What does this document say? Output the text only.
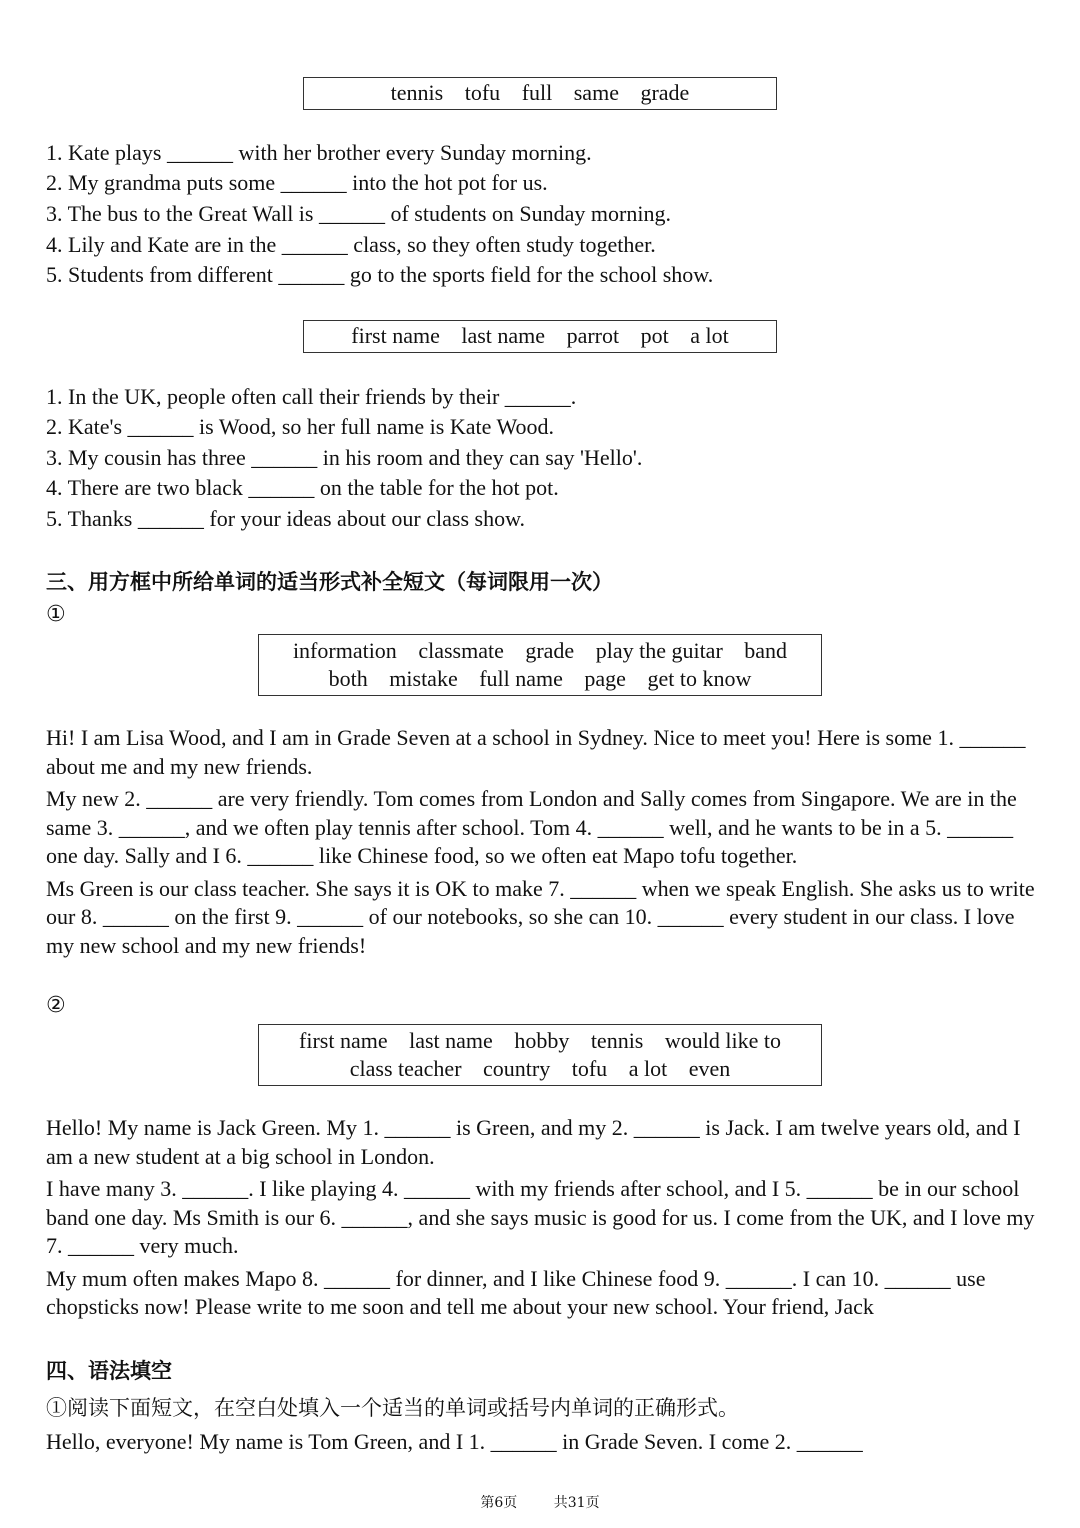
tennis tofu full same grade
1. Kate plays ______ with her brother every Sunday morning.
2. My grandma puts some ______ into the hot pot for us.
3. The bus to the Great Wall is ______ of students on Sunday morning.
4. Lily and Kate are in the ______ class, so they often study together.
5. Students from different ______ go to the sports field for the school show.
first name last name parrot pot a lot
1. In the UK, people often call their friends by their ______.
2. Kate's ______ is Wood, so her full name is Kate Wood.
3. My cousin has three ______ in his room and they can say 'Hello'.
4. There are two black ______ on the table for the hot pot.
5. Thanks ______ for your ideas about our class show.
三、用方框中所给单词的适当形式补全短文（每词限用一次）
①
information classmate grade play the guitar band
both mistake full name page get to know

Hi! I am Lisa Wood, and I am in Grade Seven at a school in Sydney. Nice to meet you! Here is some 1. ______ about me and my new friends.

My new 2. ______ are very friendly. Tom comes from London and Sally comes from Singapore. We are in the same 3. ______, and we often play tennis after school. Tom 4. ______ well, and he wants to be in a 5. ______ one day. Sally and I 6. ______ like Chinese food, so we often eat Mapo tofu together.

Ms Green is our class teacher. She says it is OK to make 7. ______ when we speak English. She asks us to write our 8. ______ on the first 9. ______ of our notebooks, so she can 10. ______ every student in our class. I love my new school and my new friends!

②
first name last name hobby tennis would like to
class teacher country tofu a lot even

Hello! My name is Jack Green. My 1. ______ is Green, and my 2. ______ is Jack. I am twelve years old, and I am a new student at a big school in London.

I have many 3. ______. I like playing 4. ______ with my friends after school, and I 5. ______ be in our school band one day. Ms Smith is our 6. ______, and she says music is good for us. I come from the UK, and I love my 7. ______ very much.

My mum often makes Mapo 8. ______ for dinner, and I like Chinese food 9. ______. I can 10. ______ use chopsticks now! Please write to me soon and tell me about your new school. Your friend, Jack

四、语法填空
①阅读下面短文，在空白处填入一个适当的单词或括号内单词的正确形式。
Hello, everyone! My name is Tom Green, and I 1. ______ in Grade Seven. I come 2. ______
第6页	共31页
